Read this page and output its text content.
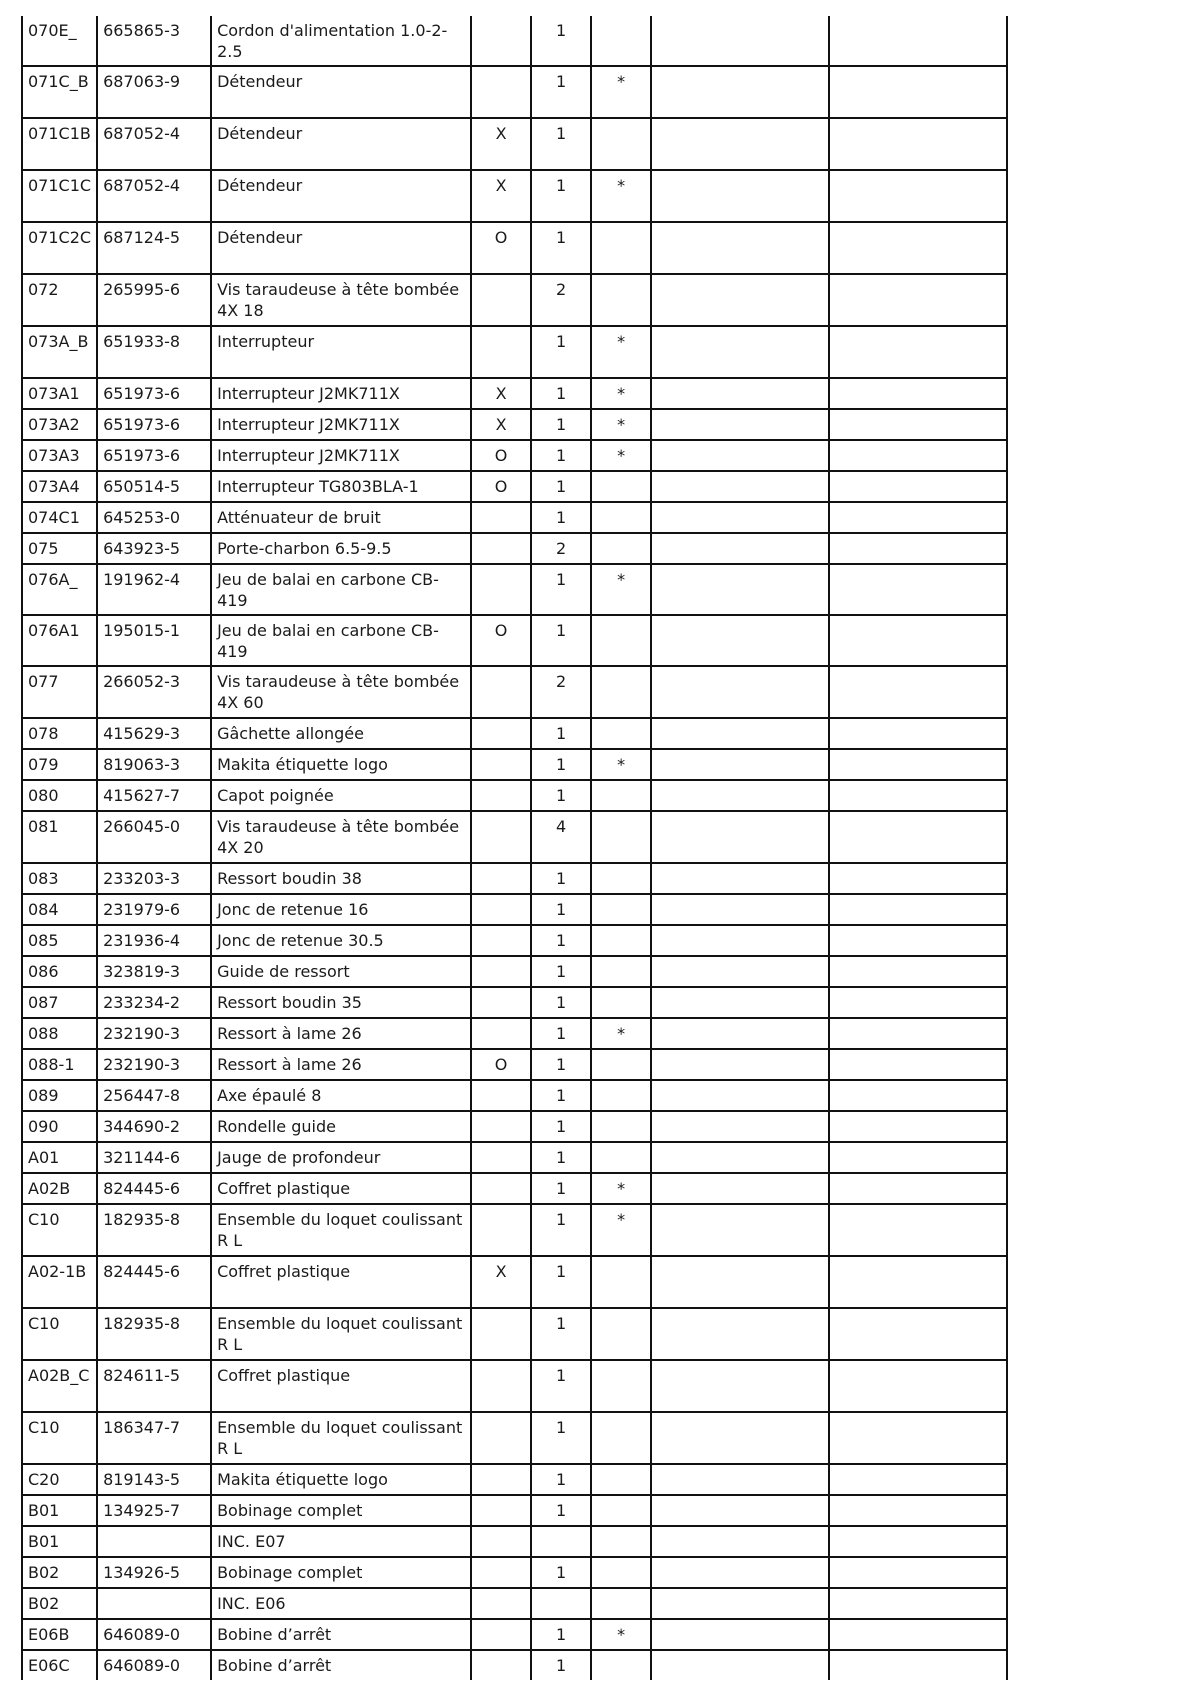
070E_	665865-3	Cordon d'alimentation 1.0-2-2.5		1			
071C_B	687063-9	Détendeur		1	*		
071C1B	687052-4	Détendeur	X	1			
071C1C	687052-4	Détendeur	X	1	*		
071C2C	687124-5	Détendeur	O	1			
072	265995-6	Vis taraudeuse à tête bombée 4X 18		2			
073A_B	651933-8	Interrupteur		1	*		
073A1	651973-6	Interrupteur J2MK711X	X	1	*		
073A2	651973-6	Interrupteur J2MK711X	X	1	*		
073A3	651973-6	Interrupteur J2MK711X	O	1	*		
073A4	650514-5	Interrupteur TG803BLA-1	O	1			
074C1	645253-0	Atténuateur de bruit		1			
075	643923-5	Porte-charbon 6.5-9.5		2			
076A_	191962-4	Jeu de balai en carbone CB-419		1	*		
076A1	195015-1	Jeu de balai en carbone CB-419	O	1			
077	266052-3	Vis taraudeuse à tête bombée 4X 60		2			
078	415629-3	Gâchette allongée		1			
079	819063-3	Makita étiquette logo		1	*		
080	415627-7	Capot poignée		1			
081	266045-0	Vis taraudeuse à tête bombée 4X 20		4			
083	233203-3	Ressort boudin 38		1			
084	231979-6	Jonc de retenue 16		1			
085	231936-4	Jonc de retenue 30.5		1			
086	323819-3	Guide de ressort		1			
087	233234-2	Ressort boudin 35		1			
088	232190-3	Ressort à lame 26		1	*		
088-1	232190-3	Ressort à lame 26	O	1			
089	256447-8	Axe épaulé 8		1			
090	344690-2	Rondelle guide		1			
A01	321144-6	Jauge de profondeur		1			
A02B	824445-6	Coffret plastique		1	*		
C10	182935-8	Ensemble du loquet coulissant R L		1	*		
A02-1B	824445-6	Coffret plastique	X	1			
C10	182935-8	Ensemble du loquet coulissant R L		1			
A02B_C	824611-5	Coffret plastique		1			
C10	186347-7	Ensemble du loquet coulissant R L		1			
C20	819143-5	Makita étiquette logo		1			
B01	134925-7	Bobinage complet		1			
B01		INC. E07					
B02	134926-5	Bobinage complet		1			
B02		INC. E06					
E06B	646089-0	Bobine d’arrêt		1	*		
E06C	646089-0	Bobine d’arrêt		1			
